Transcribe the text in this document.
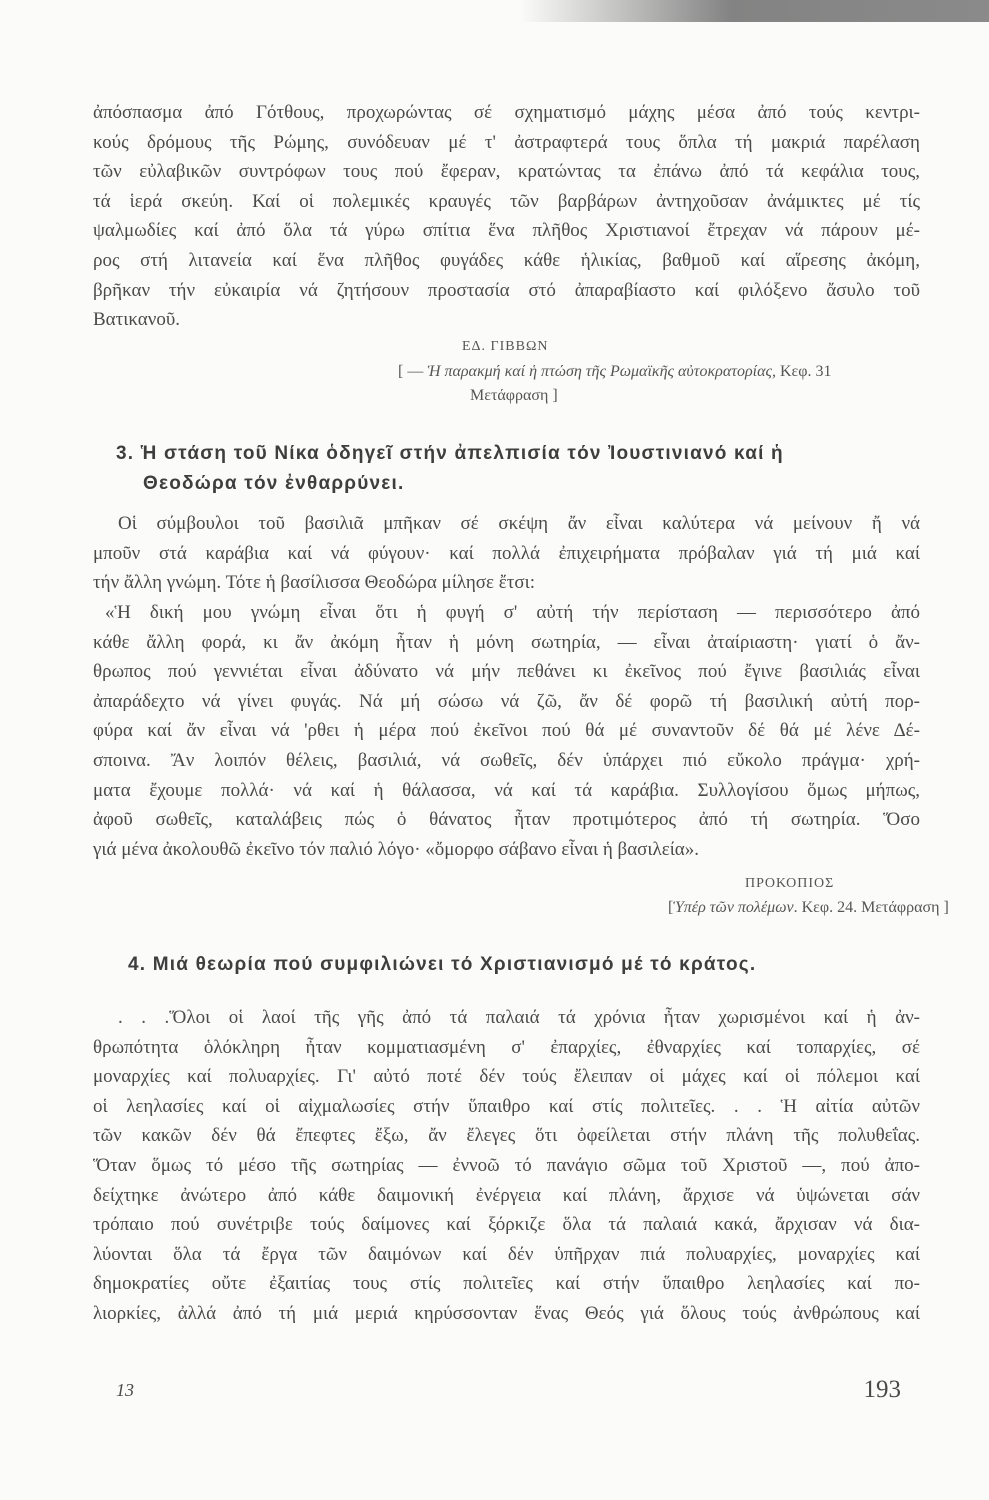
ἀπόσπασμα ἀπό Γότθους, προχωρώντας σέ σχηματισμό μάχης μέσα ἀπό τούς κεντρι-
κούς δρόμους τῆς Ρώμης, συνόδευαν μέ τ' ἀστραφτερά τους ὅπλα τή μακριά παρέλαση
τῶν εὐλαβικῶν συντρόφων τους πού ἔφεραν, κρατώντας τα ἐπάνω ἀπό τά κεφάλια τους,
τά ἱερά σκεύη. Καί οἱ πολεμικές κραυγές τῶν βαρβάρων ἀντηχοῦσαν ἀνάμικτες μέ τίς
ψαλμωδίες καί ἀπό ὅλα τά γύρω σπίτια ἕνα πλῆθος Χριστιανοί ἔτρεχαν νά πάρουν μέ-
ρος στή λιτανεία καί ἕνα πλῆθος φυγάδες κάθε ἡλικίας, βαθμοῦ καί αἵρεσης ἀκόμη,
βρῆκαν τήν εὐκαιρία νά ζητήσουν προστασία στό ἀπαραβίαστο καί φιλόξενο ἄσυλο τοῦ
Βατικανοῦ.
ΕΔ. ΓΙΒΒΩΝ
[ — Ἡ παρακμή καί ἡ πτώση τῆς Ρωμαϊκῆς αὐτοκρατορίας, Κεφ. 31
Μετάφραση ]
3. Ἡ στάση τοῦ Νίκα ὁδηγεῖ στήν ἀπελπισία τόν Ἰουστινιανό καί ἡ
Θεοδώρα τόν ἐνθαρρύνει.
Οἱ σύμβουλοι τοῦ βασιλιᾶ μπῆκαν σέ σκέψη ἄν εἶναι καλύτερα νά μείνουν ἤ νά
μποῦν στά καράβια καί νά φύγουν· καί πολλά ἐπιχειρήματα πρόβαλαν γιά τή μιά καί
τήν ἄλλη γνώμη. Τότε ἡ βασίλισσα Θεοδώρα μίλησε ἔτσι:
«Ἡ δική μου γνώμη εἶναι ὅτι ἡ φυγή σ' αὐτή τήν περίσταση — περισσότερο ἀπό
κάθε ἄλλη φορά, κι ἄν ἀκόμη ἦταν ἡ μόνη σωτηρία, — εἶναι ἀταίριαστη· γιατί ὁ ἄν-
θρωπος πού γεννιέται εἶναι ἀδύνατο νά μήν πεθάνει κι ἐκεῖνος πού ἔγινε βασιλιάς εἶναι
ἀπαράδεχτο νά γίνει φυγάς. Νά μή σώσω νά ζῶ, ἄν δέ φορῶ τή βασιλική αὐτή πορ-
φύρα καί ἄν εἶναι νά 'ρθει ἡ μέρα πού ἐκεῖνοι πού θά μέ συναντοῦν δέ θά μέ λένε Δέ-
σποινα. Ἄν λοιπόν θέλεις, βασιλιά, νά σωθεῖς, δέν ὑπάρχει πιό εὔκολο πράγμα· χρή-
ματα ἔχουμε πολλά· νά καί ἡ θάλασσα, νά καί τά καράβια. Συλλογίσου ὅμως μήπως,
ἀφοῦ σωθεῖς, καταλάβεις πώς ὁ θάνατος ἦταν προτιμότερος ἀπό τή σωτηρία. Ὅσο
γιά μένα ἀκολουθῶ ἐκεῖνο τόν παλιό λόγο· «ὄμορφο σάβανο εἶναι ἡ βασιλεία».
ΠΡΟΚΟΠΙΟΣ
[Ὑπέρ τῶν πολέμων. Κεφ. 24. Μετάφραση ]
4. Μιά θεωρία πού συμφιλιώνει τό Χριστιανισμό μέ τό κράτος.
. . .Ὅλοι οἱ λαοί τῆς γῆς ἀπό τά παλαιά τά χρόνια ἦταν χωρισμένοι καί ἡ ἀν-
θρωπότητα ὁλόκληρη ἦταν κομματιασμένη σ' ἐπαρχίες, ἐθναρχίες καί τοπαρχίες, σέ
μοναρχίες καί πολυαρχίες. Γι' αὐτό ποτέ δέν τούς ἔλειπαν οἱ μάχες καί οἱ πόλεμοι καί
οἱ λεηλασίες καί οἱ αἰχμαλωσίες στήν ὕπαιθρο καί στίς πολιτεῖες. . . Ἡ αἰτία αὐτῶν
τῶν κακῶν δέν θά ἔπεφτες ἔξω, ἄν ἔλεγες ὅτι ὀφείλεται στήν πλάνη τῆς πολυθεΐας.
Ὅταν ὅμως τό μέσο τῆς σωτηρίας — ἐννοῶ τό πανάγιο σῶμα τοῦ Χριστοῦ —, πού ἀπο-
δείχτηκε ἀνώτερο ἀπό κάθε δαιμονική ἐνέργεια καί πλάνη, ἄρχισε νά ὑψώνεται σάν
τρόπαιο πού συνέτριβε τούς δαίμονες καί ξόρκιζε ὅλα τά παλαιά κακά, ἄρχισαν νά δια-
λύονται ὅλα τά ἔργα τῶν δαιμόνων καί δέν ὑπῆρχαν πιά πολυαρχίες, μοναρχίες καί
δημοκρατίες οὔτε ἐξαιτίας τους στίς πολιτεῖες καί στήν ὕπαιθρο λεηλασίες καί πο-
λιορκίες, ἀλλά ἀπό τή μιά μεριά κηρύσσονταν ἕνας Θεός γιά ὅλους τούς ἀνθρώπους καί
13	193
